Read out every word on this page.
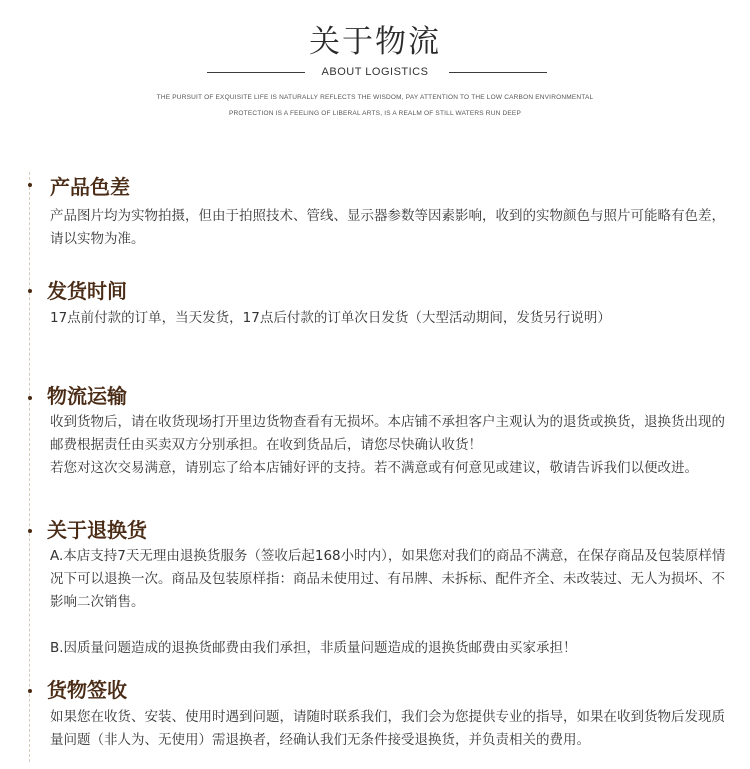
关于物流
ABOUT LOGISTICS
THE PURSUIT OF EXQUISITE LIFE IS NATURALLY REFLECTS THE WISDOM, PAY ATTENTION TO THE LOW CARBON ENVIRONMENTAL
PROTECTION IS A FEELING OF LIBERAL ARTS, IS A REALM OF STILL WATERS RUN DEEP
产品色差

产品图片均为实物拍摄，但由于拍照技术、管线、显示器参数等因素影响，收到的实物颜色与照片可能略有色差，请以实物为准。

发货时间

17点前付款的订单，当天发货，17点后付款的订单次日发货（大型活动期间，发货另行说明）

物流运输

收到货物后，请在收货现场打开里边货物查看有无损坏。本店铺不承担客户主观认为的退货或换货，退换货出现的邮费根据责任由买卖双方分别承担。在收到货品后，请您尽快确认收货！

若您对这次交易满意，请别忘了给本店铺好评的支持。若不满意或有何意见或建议，敬请告诉我们以便改进。

关于退换货

A.本店支持7天无理由退换货服务（签收后起168小时内），如果您对我们的商品不满意，在保存商品及包装原样情况下可以退换一次。商品及包装原样指：商品未使用过、有吊牌、未拆标、配件齐全、未改装过、无人为损坏、不影响二次销售。

B.因质量问题造成的退换货邮费由我们承担，非质量问题造成的退换货邮费由买家承担！

货物签收

如果您在收货、安装、使用时遇到问题，请随时联系我们，我们会为您提供专业的指导，如果在收到货物后发现质量问题（非人为、无使用）需退换者，经确认我们无条件接受退换货，并负责相关的费用。
